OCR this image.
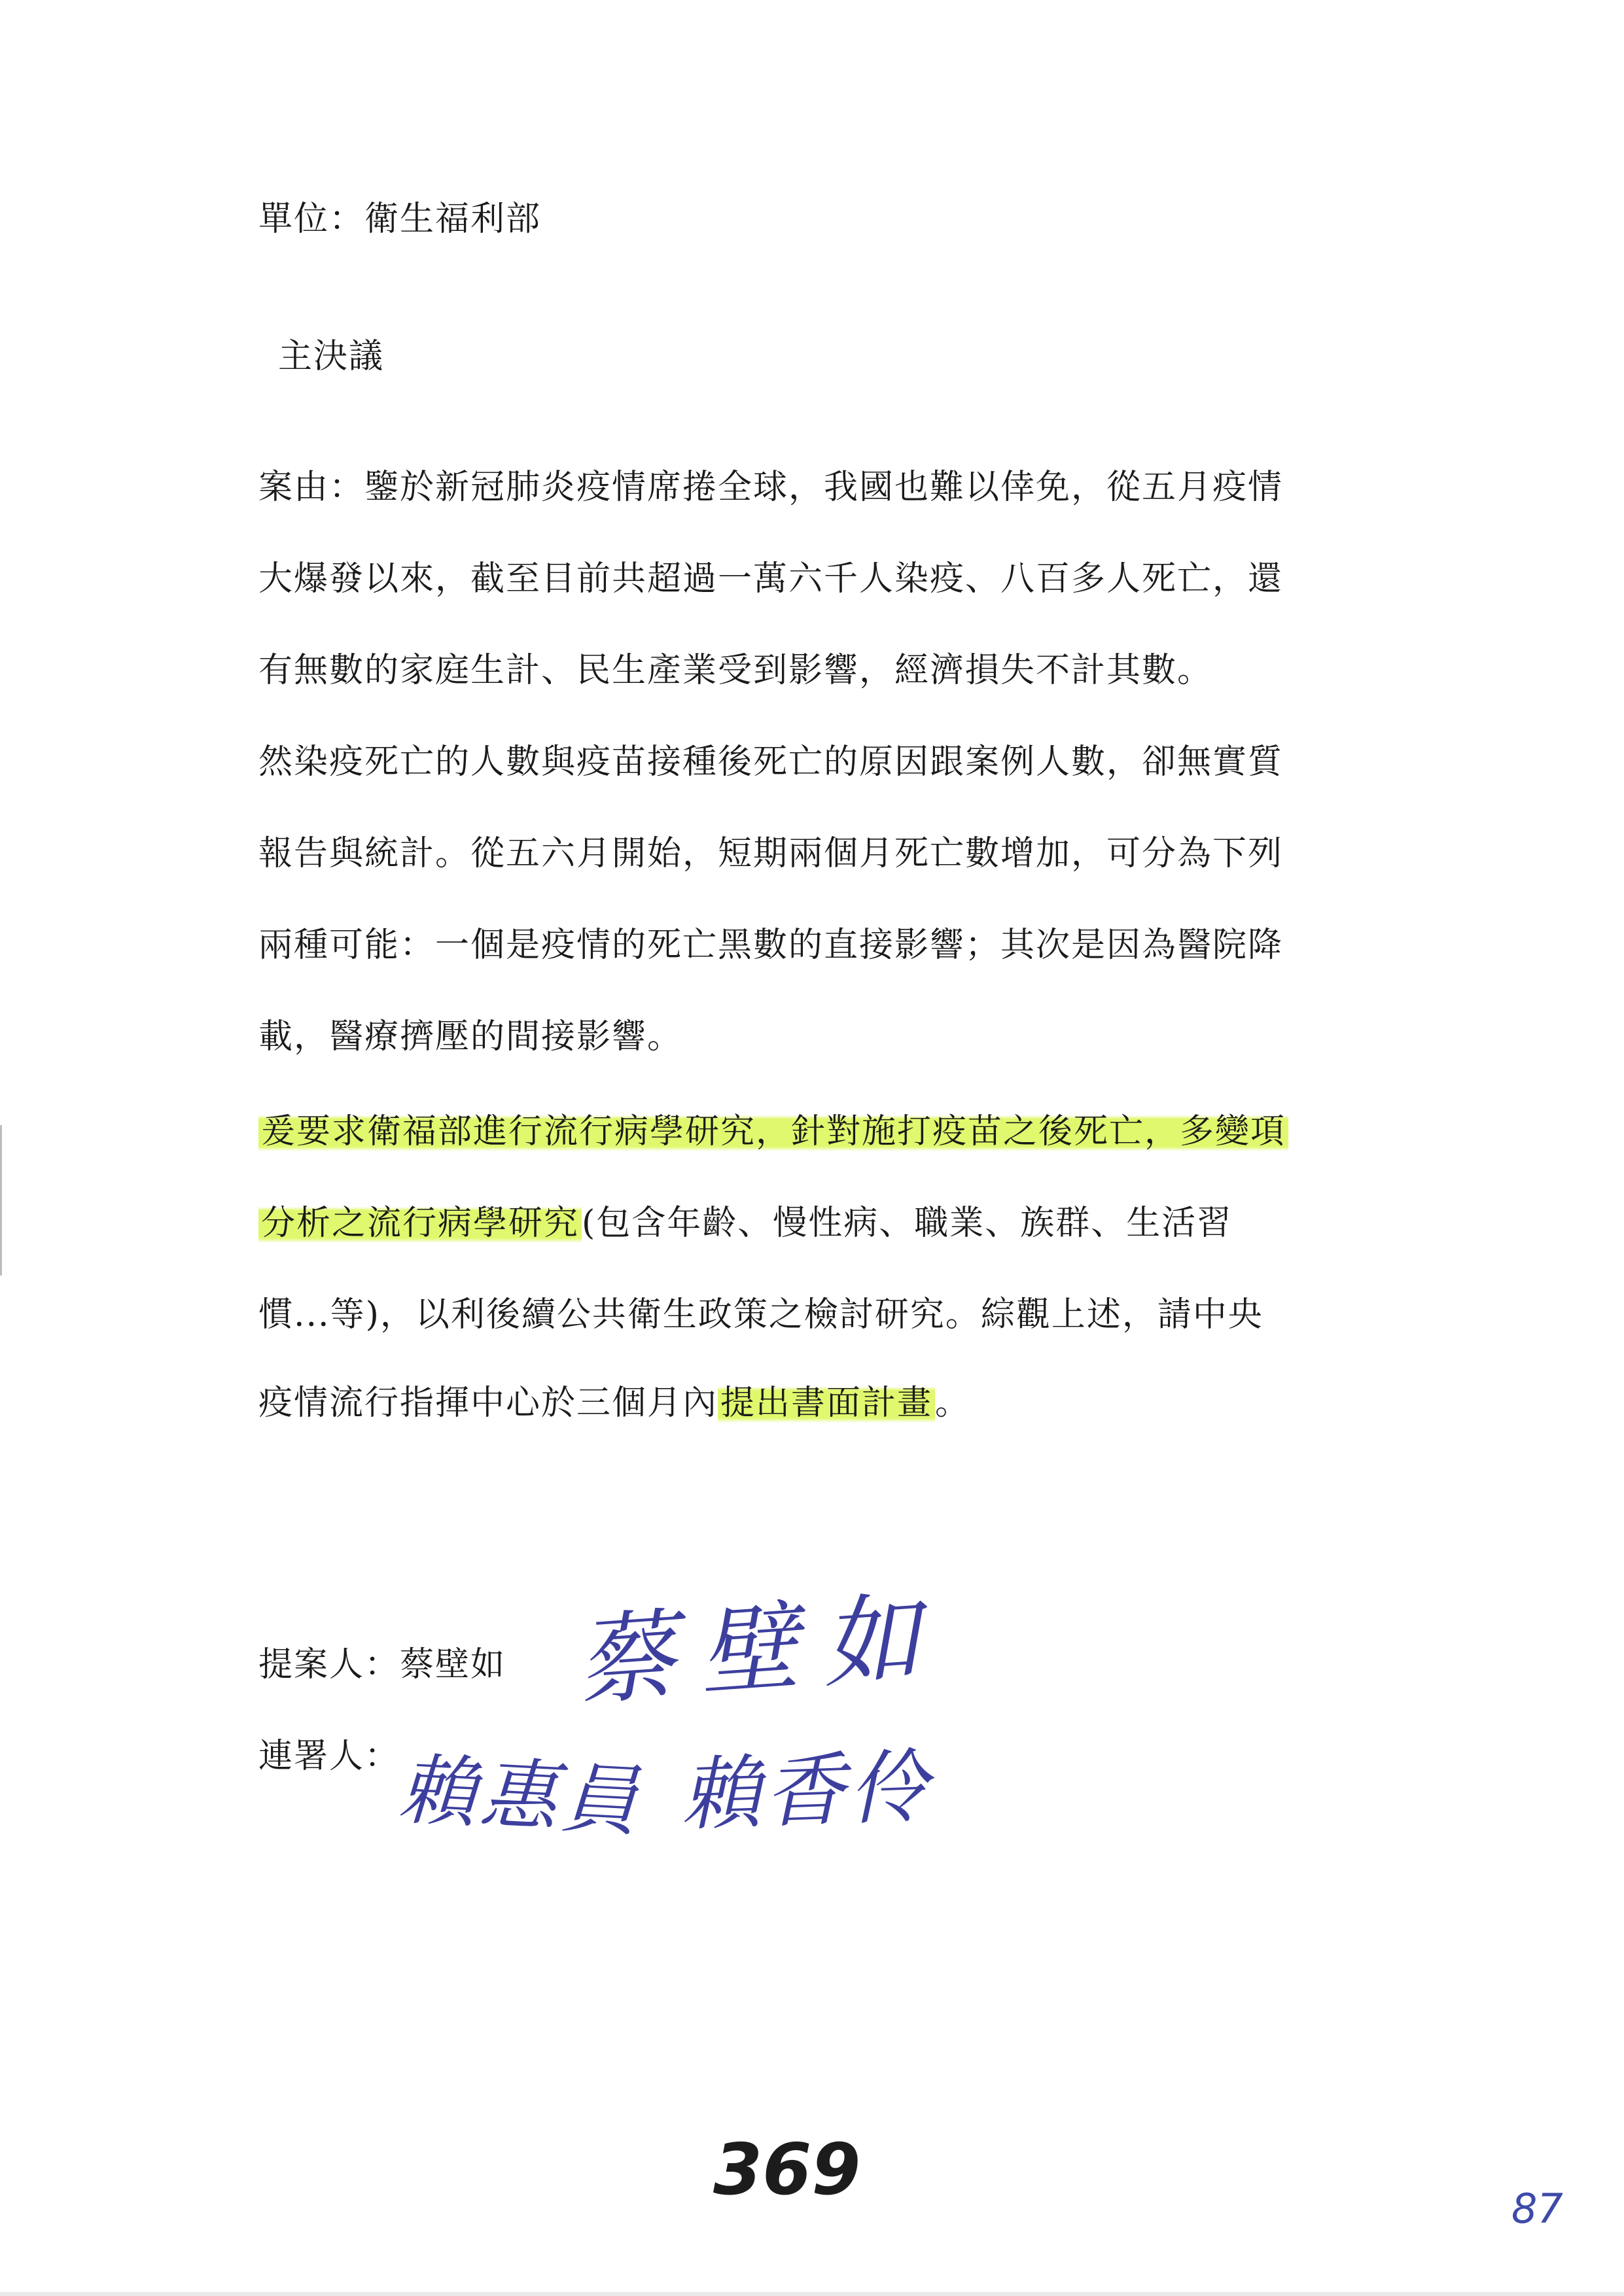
單位：衛生福利部
主決議
案由：鑒於新冠肺炎疫情席捲全球，我國也難以倖免，從五月疫情
大爆發以來，截至目前共超過一萬六千人染疫、八百多人死亡，還
有無數的家庭生計、民生產業受到影響，經濟損失不計其數。
然染疫死亡的人數與疫苗接種後死亡的原因跟案例人數，卻無實質
報告與統計。從五六月開始，短期兩個月死亡數增加，可分為下列
兩種可能：一個是疫情的死亡黑數的直接影響；其次是因為醫院降
載，醫療擠壓的間接影響。
爰要求衛福部進行流行病學研究，針對施打疫苗之後死亡，多變項
分析之流行病學研究(包含年齡、慢性病、職業、族群、生活習
慣...等)，以利後續公共衛生政策之檢討研究。綜觀上述，請中央
疫情流行指揮中心於三個月內提出書面計畫。
提案人：蔡壁如
連署人：
蔡壁如
賴惠員 賴香伶
369	87
